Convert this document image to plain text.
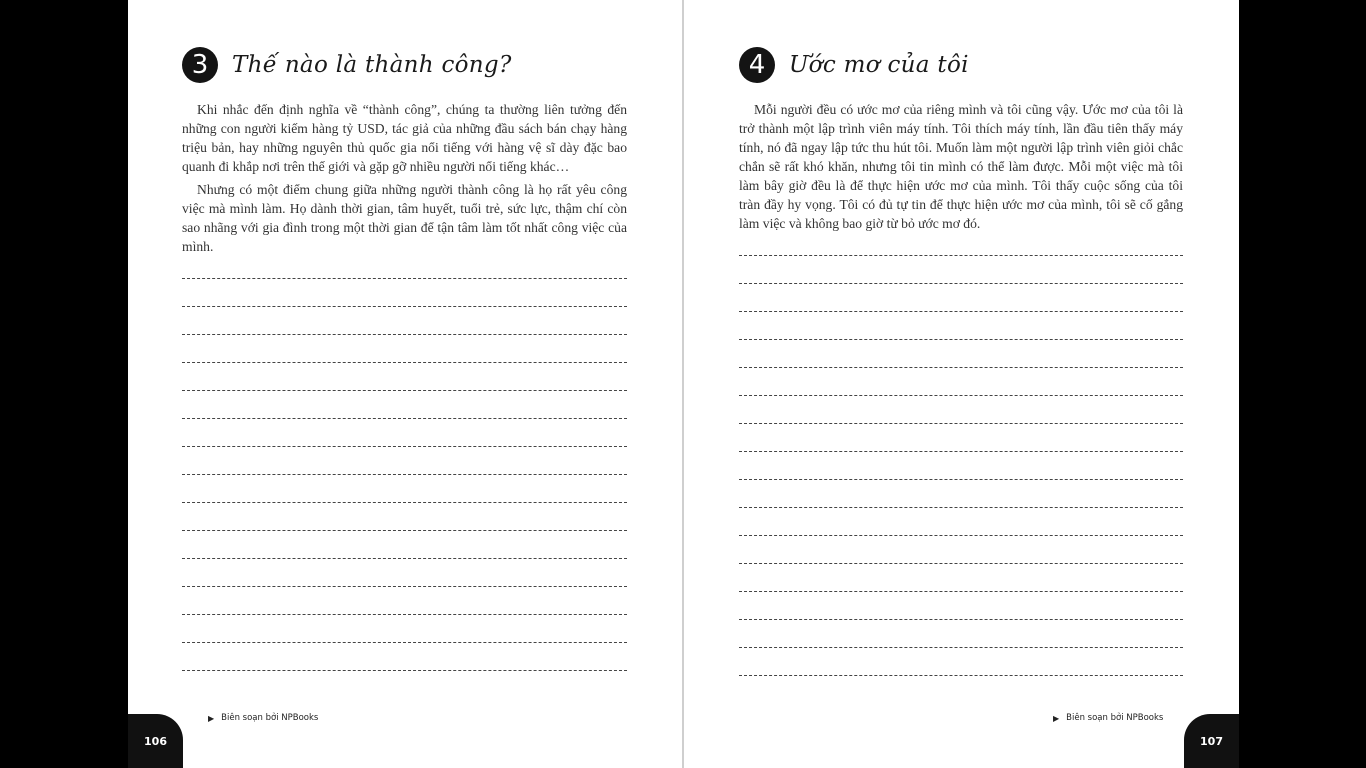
3	Thế nào là thành công?

Khi nhắc đến định nghĩa về “thành công”, chúng ta thường liên tưởng đến những con người kiếm hàng tỷ USD, tác giả của những đầu sách bán chạy hàng triệu bản, hay những nguyên thủ quốc gia nổi tiếng với hàng vệ sĩ dày đặc bao quanh đi khắp nơi trên thế giới và gặp gỡ nhiều người nổi tiếng khác…

Nhưng có một điểm chung giữa những người thành công là họ rất yêu công việc mà mình làm. Họ dành thời gian, tâm huyết, tuổi trẻ, sức lực, thậm chí còn sao nhãng với gia đình trong một thời gian để tận tâm làm tốt nhất công việc của mình.

▶ Biên soạn bởi NPBooks
106
4	Ước mơ của tôi

Mỗi người đều có ước mơ của riêng mình và tôi cũng vậy. Ước mơ của tôi là trở thành một lập trình viên máy tính. Tôi thích máy tính, lần đầu tiên thấy máy tính, nó đã ngay lập tức thu hút tôi. Muốn làm một người lập trình viên giỏi chắc chắn sẽ rất khó khăn, nhưng tôi tin mình có thể làm được. Mỗi một việc mà tôi làm bây giờ đều là để thực hiện ước mơ của mình. Tôi thấy cuộc sống của tôi tràn đầy hy vọng. Tôi có đủ tự tin để thực hiện ước mơ của mình, tôi sẽ cố gắng làm việc và không bao giờ từ bỏ ước mơ đó.

▶ Biên soạn bởi NPBooks
107
